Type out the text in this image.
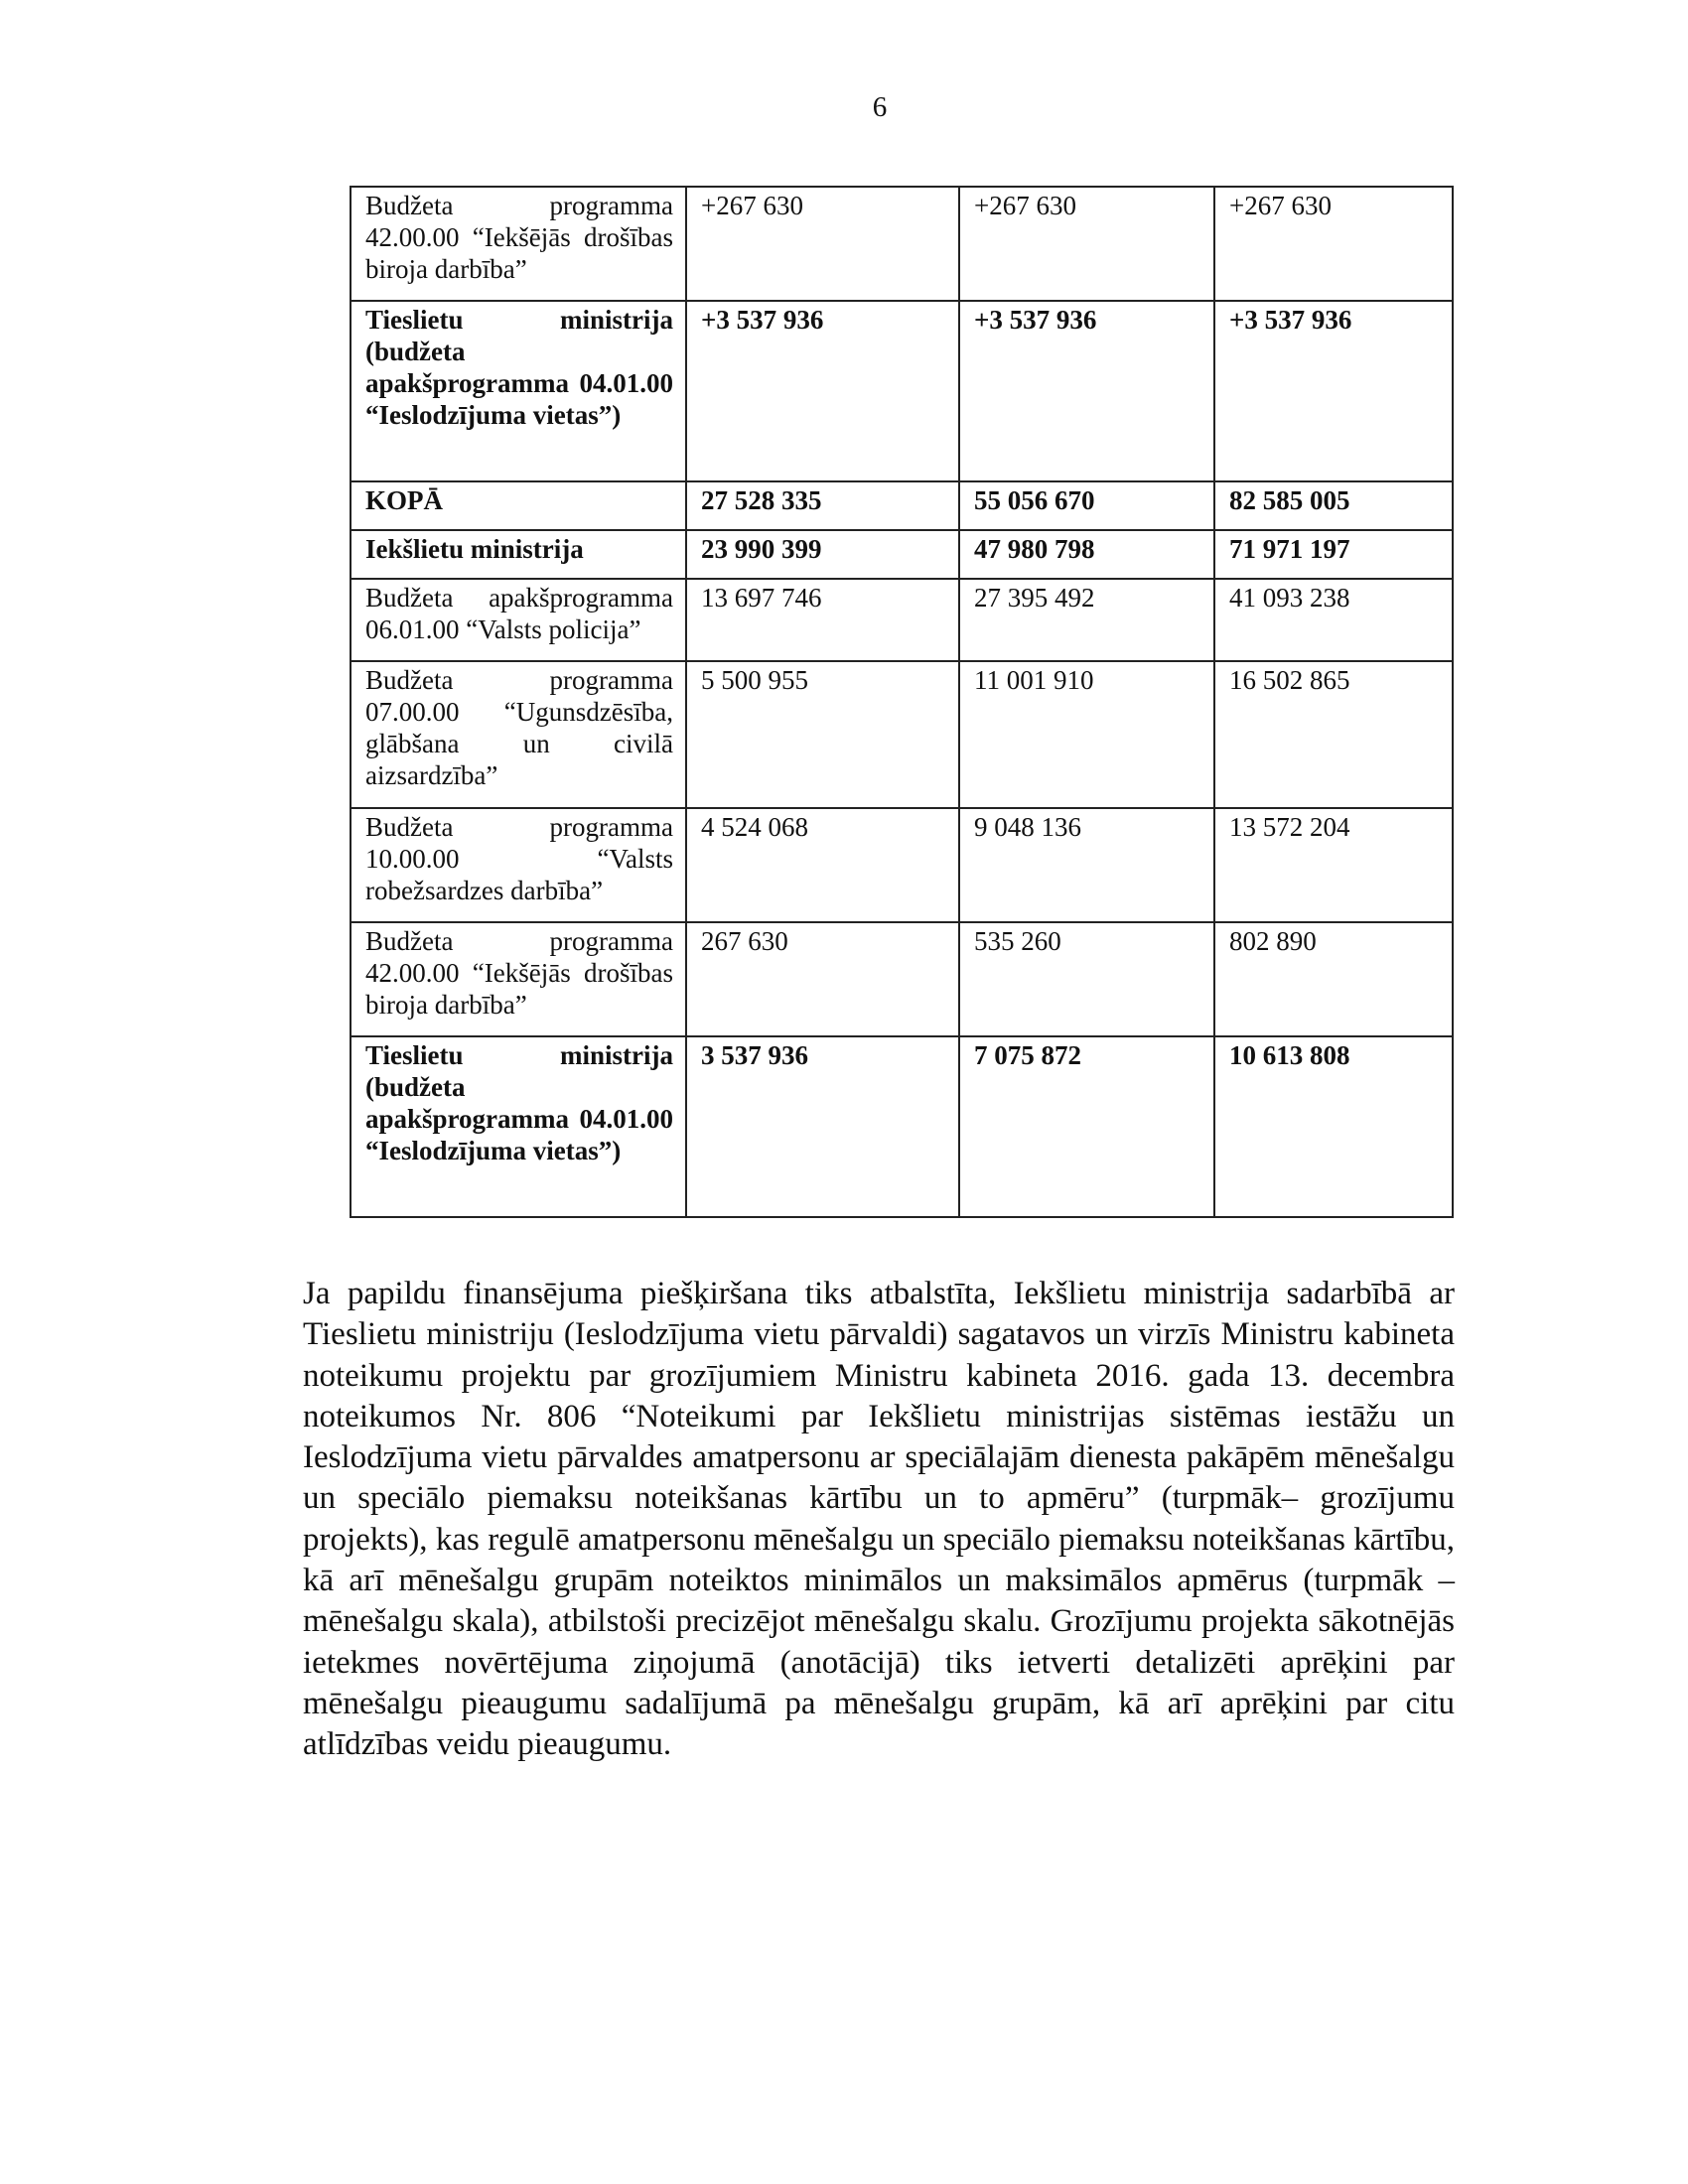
6
Budžeta programma 42.00.00 “Iekšējās drošības biroja darbība”	+267 630	+267 630	+267 630
Tieslietu ministrija (budžeta apakšprogramma 04.01.00 “Ieslodzījuma vietas”)	+3 537 936	+3 537 936	+3 537 936
KOPĀ	27 528 335	55 056 670	82 585 005
Iekšlietu ministrija	23 990 399	47 980 798	71 971 197
Budžeta apakšprogramma 06.01.00 “Valsts policija”	13 697 746	27 395 492	41 093 238
Budžeta programma 07.00.00 “Ugunsdzēsība, glābšana un civilā aizsardzība”	5 500 955	11 001 910	16 502 865
Budžeta programma 10.00.00 “Valsts robežsardzes darbība”	4 524 068	9 048 136	13 572 204
Budžeta programma 42.00.00 “Iekšējās drošības biroja darbība”	267 630	535 260	802 890
Tieslietu ministrija (budžeta apakšprogramma 04.01.00 “Ieslodzījuma vietas”)	3 537 936	7 075 872	10 613 808

Ja papildu finansējuma piešķiršana tiks atbalstīta, Iekšlietu ministrija sadarbībā ar Tieslietu ministriju (Ieslodzījuma vietu pārvaldi) sagatavos un virzīs Ministru kabineta noteikumu projektu par grozījumiem Ministru kabineta 2016. gada 13. decembra noteikumos Nr. 806 “Noteikumi par Iekšlietu ministrijas sistēmas iestāžu un Ieslodzījuma vietu pārvaldes amatpersonu ar speciālajām dienesta pakāpēm mēnešalgu un speciālo piemaksu noteikšanas kārtību un to apmēru” (turpmāk– grozījumu projekts), kas regulē amatpersonu mēnešalgu un speciālo piemaksu noteikšanas kārtību, kā arī mēnešalgu grupām noteiktos minimālos un maksimālos apmērus (turpmāk – mēnešalgu skala), atbilstoši precizējot mēnešalgu skalu. Grozījumu projekta sākotnējās ietekmes novērtējuma ziņojumā (anotācijā) tiks ietverti detalizēti aprēķini par mēnešalgu pieaugumu sadalījumā pa mēnešalgu grupām, kā arī aprēķini par citu atlīdzības veidu pieaugumu.
